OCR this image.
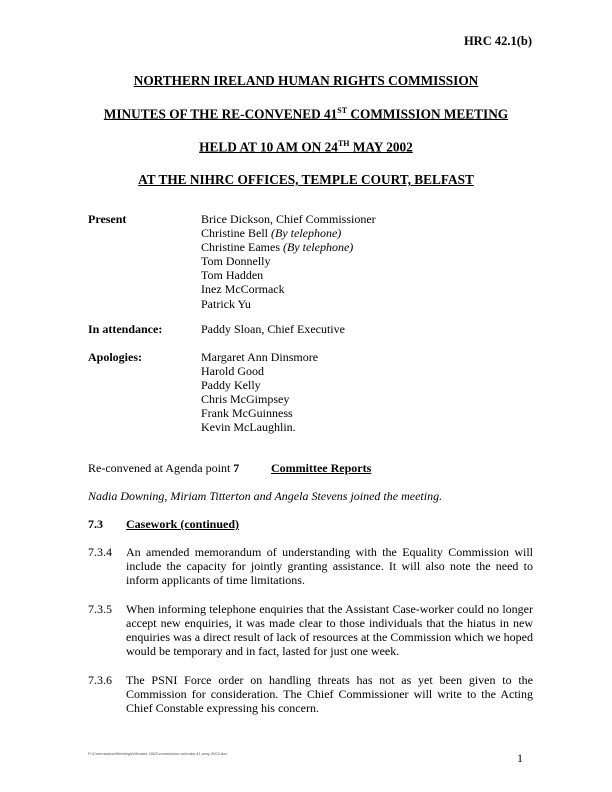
HRC 42.1(b)
NORTHERN IRELAND HUMAN RIGHTS COMMISSION
MINUTES OF THE RE-CONVENED 41ST COMMISSION MEETING
HELD AT 10 AM ON 24TH MAY 2002
AT THE NIHRC OFFICES, TEMPLE COURT, BELFAST
Present	Brice Dickson, Chief Commissioner
Christine Bell (By telephone)
Christine Eames (By telephone)
Tom Donnelly
Tom Hadden
Inez McCormack
Patrick Yu
In attendance:	Paddy Sloan, Chief Executive
Apologies:	Margaret Ann Dinsmore
Harold Good
Paddy Kelly
Chris McGimpsey
Frank McGuinness
Kevin McLaughlin.
Re-convened at Agenda point 7	Committee Reports
Nadia Downing, Miriam Titterton and Angela Stevens joined the meeting.
7.3 Casework (continued)
7.3.4 An amended memorandum of understanding with the Equality Commission will include the capacity for jointly granting assistance. It will also note the need to inform applicants of time limitations.
7.3.5 When informing telephone enquiries that the Assistant Case-worker could no longer accept new enquiries, it was made clear to those individuals that the hiatus in new enquiries was a direct result of lack of resources at the Commission which we hoped would be temporary and in fact, lasted for just one week.
7.3.6 The PSNI Force order on handling threats has not as yet been given to the Commission for consideration. The Chief Commissioner will write to the Acting Chief Constable expressing his concern.
P:\Commission\Meetings\Minutes 2002\commission-minutes-41-may-2002.doc	1
